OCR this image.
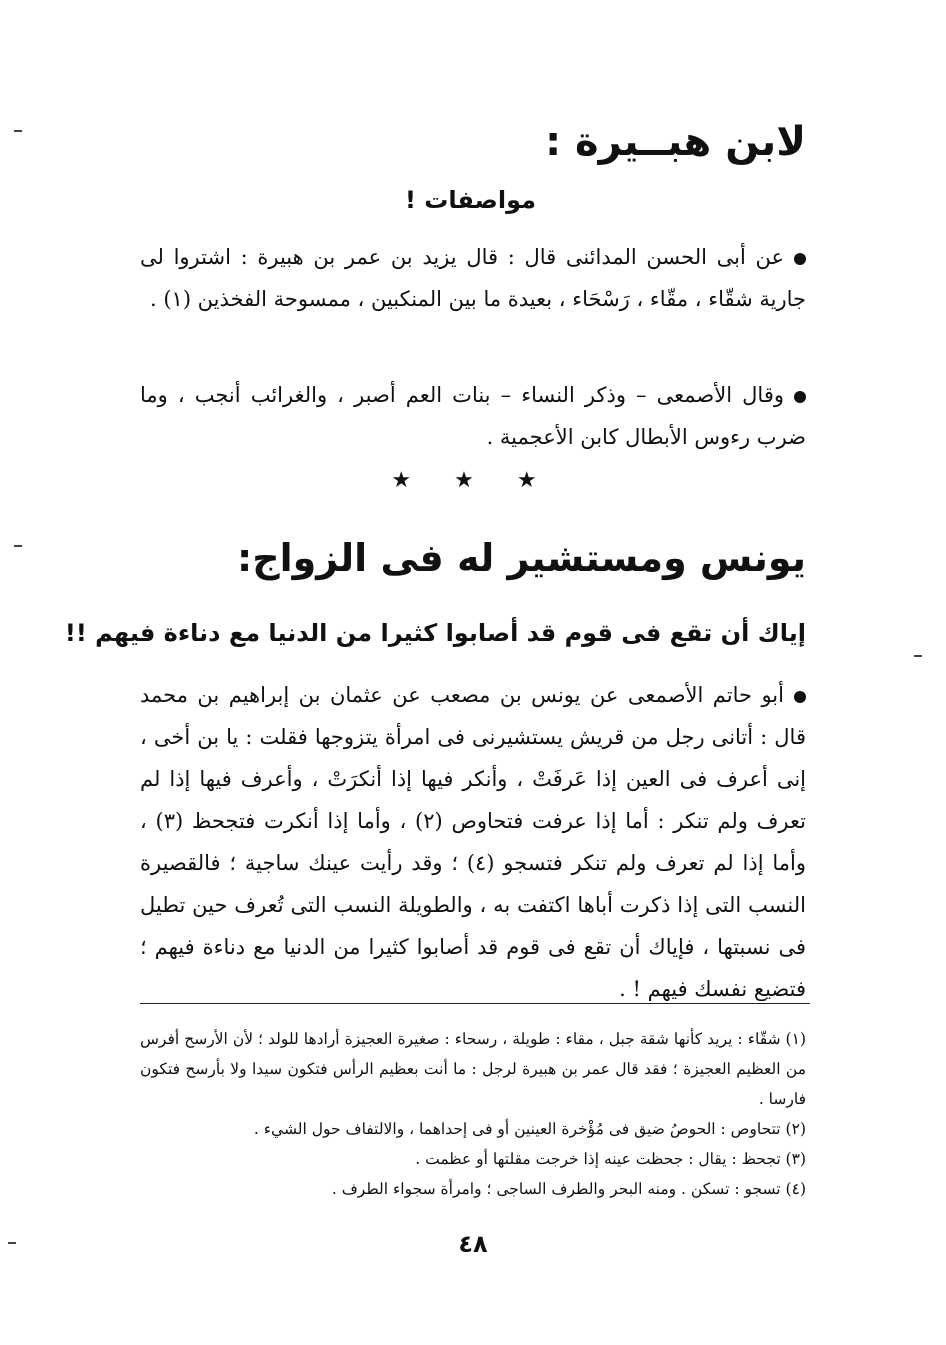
لابن هبــيرة :
مواصفات !
عن أبى الحسن المدائنى قال : قال يزيد بن عمر بن هبيرة : اشتروا لى جارية شقّاء ، مقّاء ، رَسْحَاء ، بعيدة ما بين المنكبين ، ممسوحة الفخذين (١) .
وقال الأصمعى – وذكر النساء – بنات العم أصبر ، والغرائب أنجب ، وما ضرب رءوس الأبطال كابن الأعجمية .
★ ★ ★
يونس ومستشير له فى الزواج:
إياك أن تقع فى قوم قد أصابوا كثيرا من الدنيا مع دناءة فيهم !!
أبو حاتم الأصمعى عن يونس بن مصعب عن عثمان بن إبراهيم بن محمد قال : أتانى رجل من قريش يستشيرنى فى امرأة يتزوجها فقلت : يا بن أخى ، إنى أعرف فى العين إذا عَرفَتْ ، وأنكر فيها إذا أنكرَتْ ، وأعرف فيها إذا لم تعرف ولم تنكر : أما إذا عرفت فتحاوص (٢) ، وأما إذا أنكرت فتجحظ (٣) ، وأما إذا لم تعرف ولم تنكر فتسجو (٤) ؛ وقد رأيت عينك ساجية ؛ فالقصيرة النسب التى إذا ذكرت أباها اكتفت به ، والطويلة النسب التى تُعرف حين تطيل فى نسبتها ، فإياك أن تقع فى قوم قد أصابوا كثيرا من الدنيا مع دناءة فيهم ؛ فتضيع نفسك فيهم ! .

(١) شقّاء : يريد كأنها شقة جبل ، مقاء : طويلة ، رسحاء : صغيرة العجيزة أرادها للولد ؛ لأن الأرسح أفرس من العظيم العجيزة ؛ فقد قال عمر بن هبيرة لرجل : ما أنت بعظيم الرأس فتكون سيدا ولا بأرسح فتكون فارسا .

(٢) تتحاوص : الحوصُ ضيق فى مُؤْخرة العينين أو فى إحداهما ، والالتفاف حول الشيء .

(٣) تجحظ : يقال : جحظت عينه إذا خرجت مقلتها أو عظمت .

(٤) تسجو : تسكن . ومنه البحر والطرف الساجى ؛ وامرأة سجواء الطرف .

٤٨
